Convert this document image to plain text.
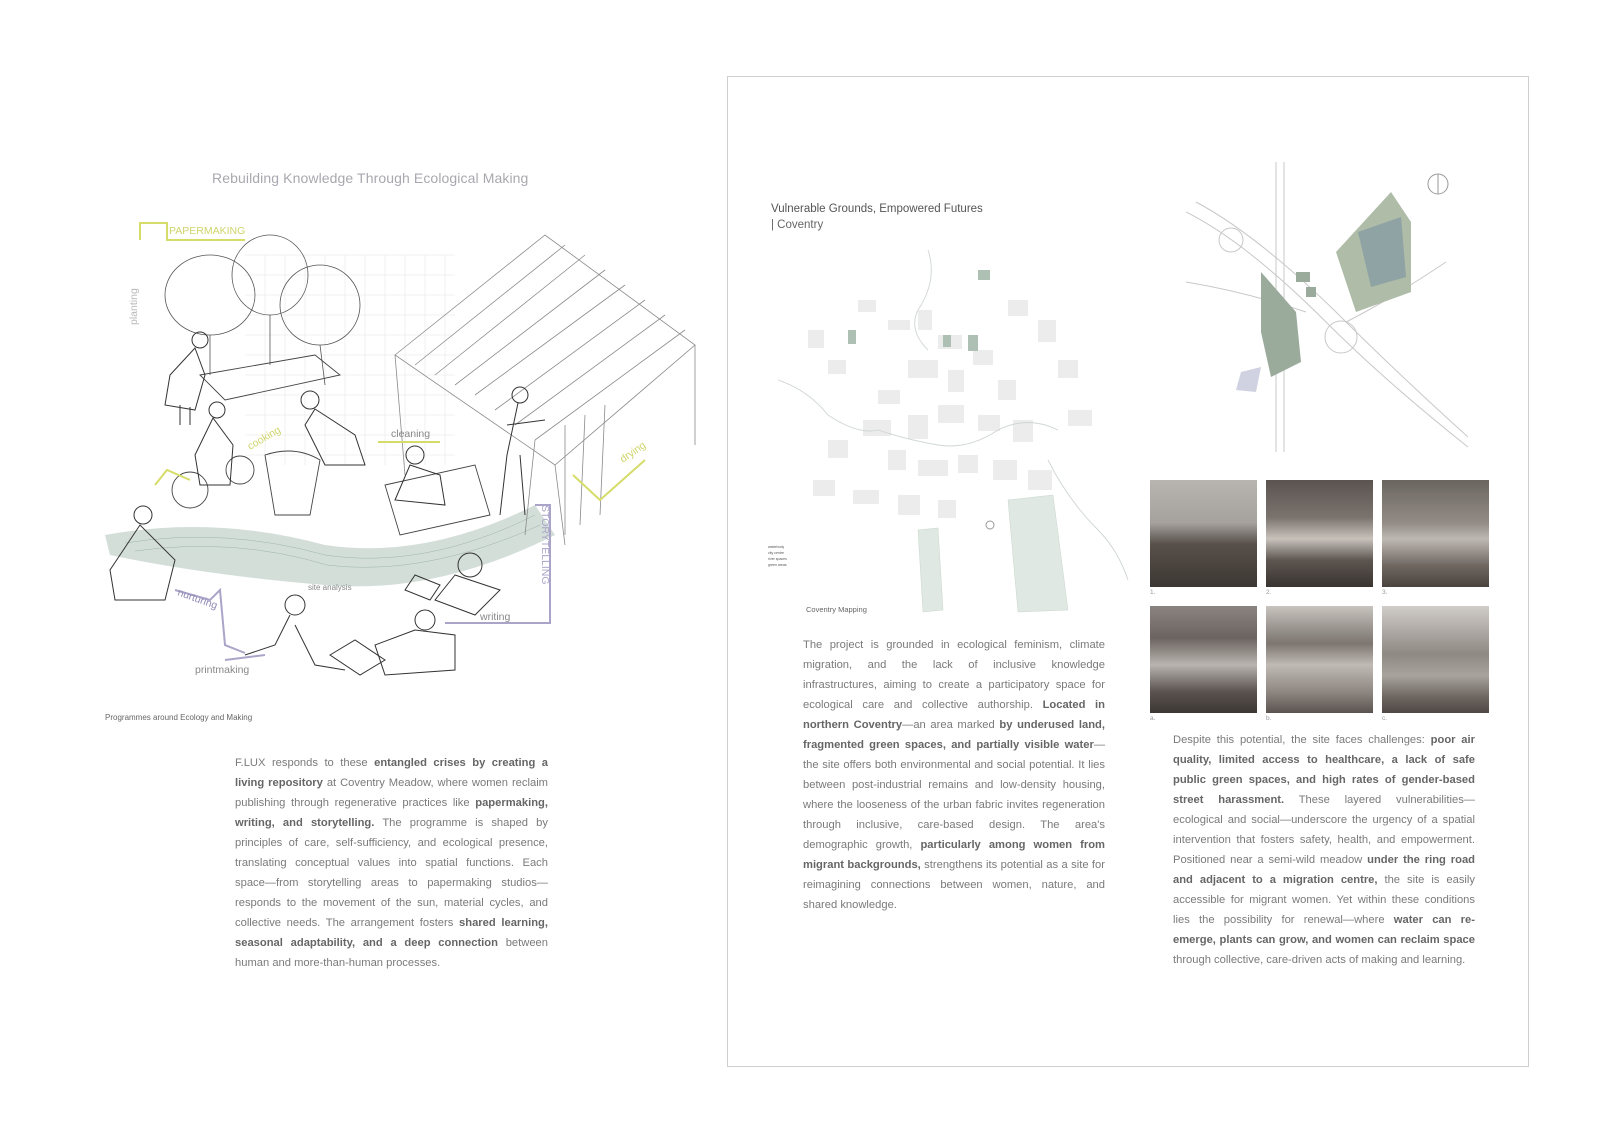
Rebuilding Knowledge Through Ecological Making
PAPERMAKING
planting
cooking	cleaning
drying
STORYTELLING
nurturing	site analysis
writing
printmaking
Programmes around Ecology and Making
F.LUX responds to these entangled crises by creating a living repository at Coventry Meadow, where women reclaim publishing through regenerative practices like papermaking, writing, and storytelling. The programme is shaped by principles of care, self-sufficiency, and ecological presence, translating conceptual values into spatial functions. Each space—from storytelling areas to papermaking studios—responds to the movement of the sun, material cycles, and collective needs. The arrangement fosters shared learning, seasonal adaptability, and a deep connection between human and more-than-human processes.
Vulnerable Grounds, Empowered Futures
| Coventry
waterbody
city centre
river spaces
green areas
Coventry Mapping
1.	2.	3.
a.	b.	c.
The project is grounded in ecological feminism, climate migration, and the lack of inclusive knowledge infrastructures, aiming to create a participatory space for ecological care and collective authorship. Located in northern Coventry—an area marked by underused land, fragmented green spaces, and partially visible water—the site offers both environmental and social potential. It lies between post-industrial remains and low-density housing, where the looseness of the urban fabric invites regeneration through inclusive, care-based design. The area's demographic growth, particularly among women from migrant backgrounds, strengthens its potential as a site for reimagining connections between women, nature, and shared knowledge.
Despite this potential, the site faces challenges: poor air quality, limited access to healthcare, a lack of safe public green spaces, and high rates of gender-based street harassment. These layered vulnerabilities—ecological and social—underscore the urgency of a spatial intervention that fosters safety, health, and empowerment. Positioned near a semi-wild meadow under the ring road and adjacent to a migration centre, the site is easily accessible for migrant women. Yet within these conditions lies the possibility for renewal—where water can re-emerge, plants can grow, and women can reclaim space through collective, care-driven acts of making and learning.
